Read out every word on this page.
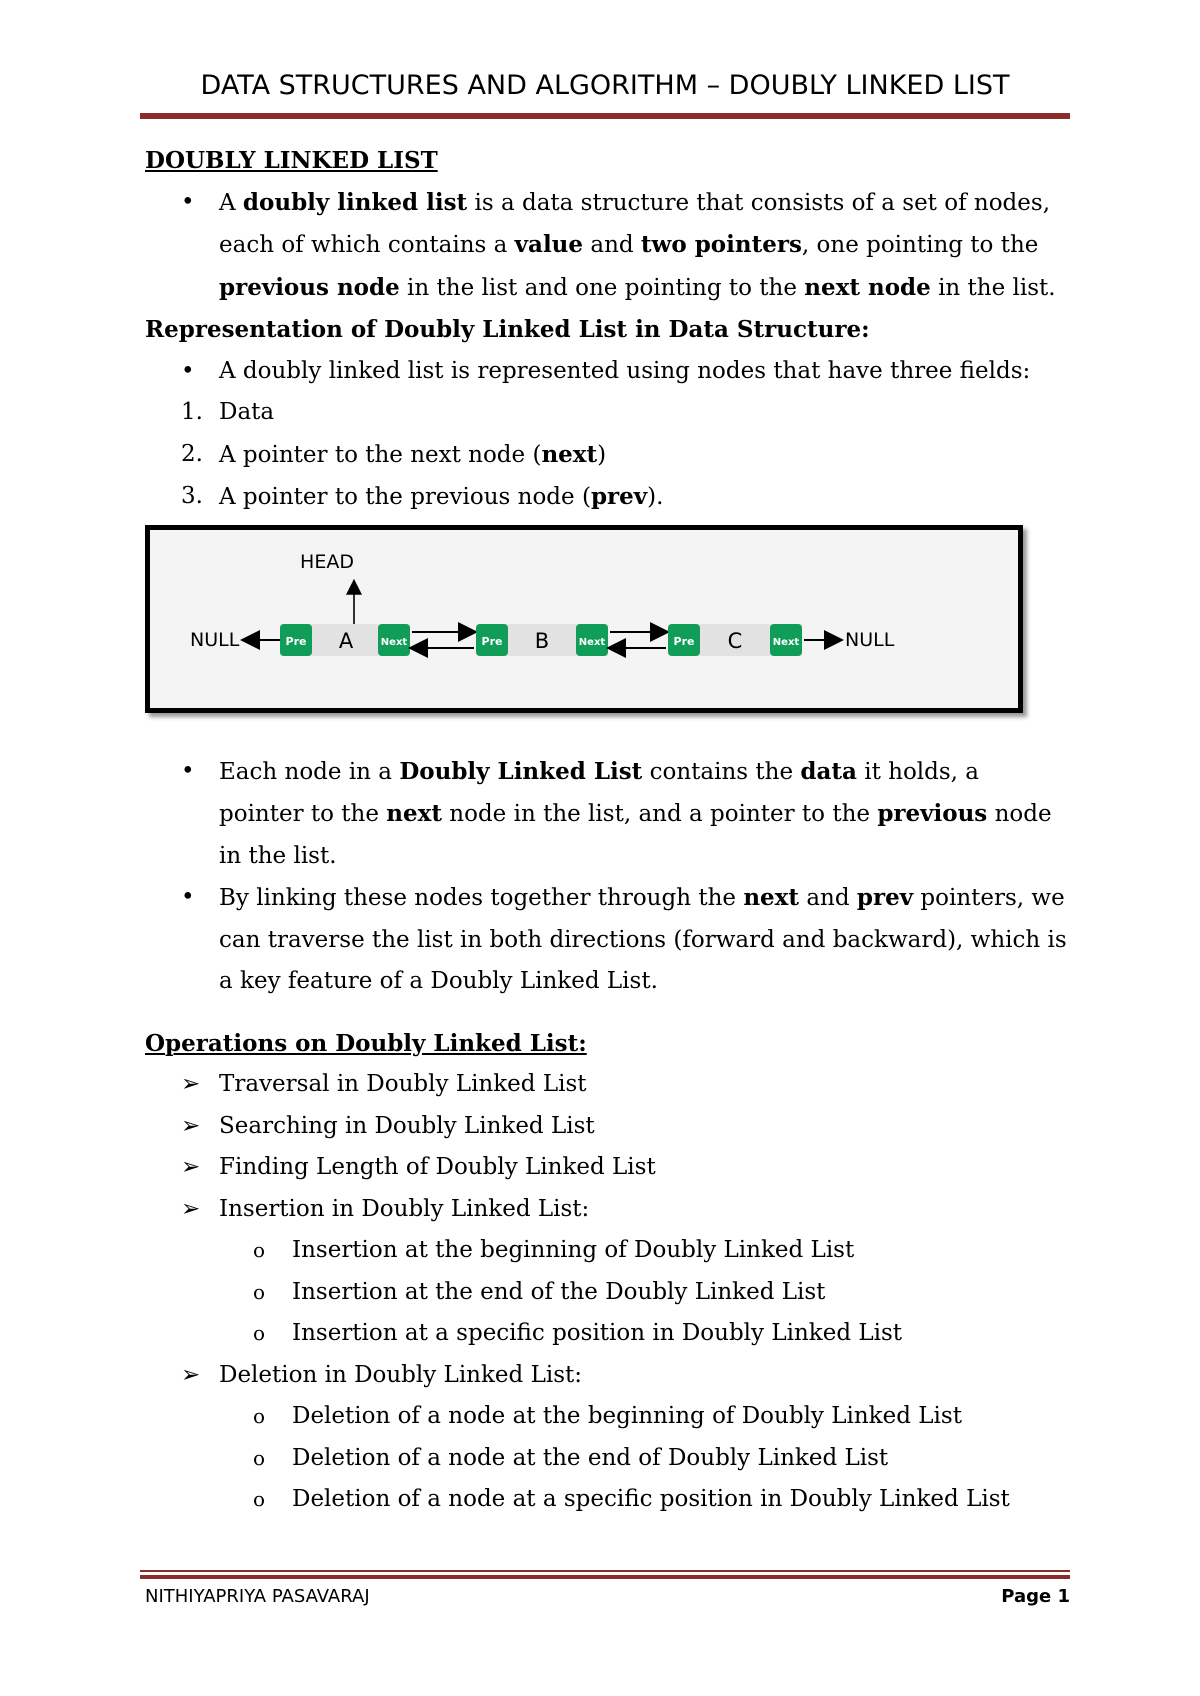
DATA STRUCTURES AND ALGORITHM – DOUBLY LINKED LIST
DOUBLY LINKED LIST
• A doubly linked list is a data structure that consists of a set of nodes, each of which contains a value and two pointers, one pointing to the previous node in the list and one pointing to the next node in the list.
Representation of Doubly Linked List in Data Structure:
• A doubly linked list is represented using nodes that have three fields:
1. Data
2. A pointer to the next node (next)
3. A pointer to the previous node (prev).
HEAD
NULL	Pre A	Next	Pre B	Next	Pre C	Next NULL
• Each node in a Doubly Linked List contains the data it holds, a pointer to the next node in the list, and a pointer to the previous node in the list.
• By linking these nodes together through the next and prev pointers, we can traverse the list in both directions (forward and backward), which is a key feature of a Doubly Linked List.
Operations on Doubly Linked List:
➢ Traversal in Doubly Linked List
➢ Searching in Doubly Linked List
➢ Finding Length of Doubly Linked List
➢ Insertion in Doubly Linked List:
o Insertion at the beginning of Doubly Linked List
o Insertion at the end of the Doubly Linked List
o Insertion at a specific position in Doubly Linked List
➢ Deletion in Doubly Linked List:
o Deletion of a node at the beginning of Doubly Linked List
o Deletion of a node at the end of Doubly Linked List
o Deletion of a node at a specific position in Doubly Linked List
NITHIYAPRIYA PASAVARAJ	Page 1
